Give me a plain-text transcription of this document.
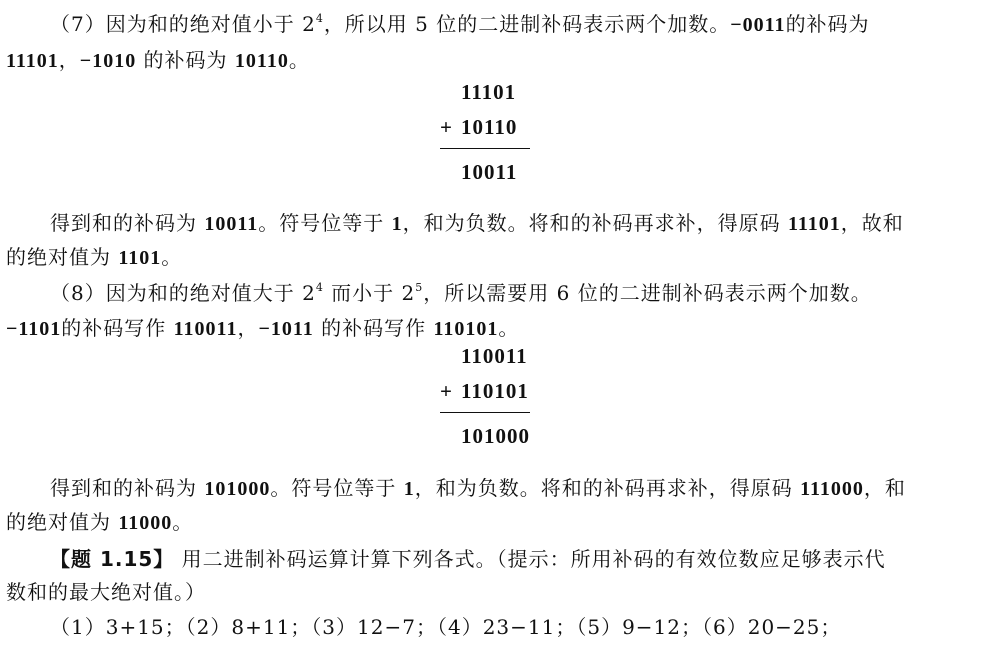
（7）因为和的绝对值小于 $2^4$，所以用 5 位的二进制补码表示两个加数。−0011的补码为
11101，−1010 的补码为 10110。
11101
+ 10110
10011
得到和的补码为 10011。符号位等于 1，和为负数。将和的补码再求补，得原码 11101，故和
的绝对值为 1101。
（8）因为和的绝对值大于 $2^4$ 而小于 $2^5$，所以需要用 6 位的二进制补码表示两个加数。
−1101的补码写作 110011，−1011 的补码写作 110101。
110011
+ 110101
101000
得到和的补码为 101000。符号位等于 1，和为负数。将和的补码再求补，得原码 111000，和
的绝对值为 11000。
【题 1.15】 用二进制补码运算计算下列各式。（提示：所用补码的有效位数应足够表示代
数和的最大绝对值。）
（1）3+15；（2）8+11；（3）12−7；（4）23−11；（5）9−12；（6）20−25；
